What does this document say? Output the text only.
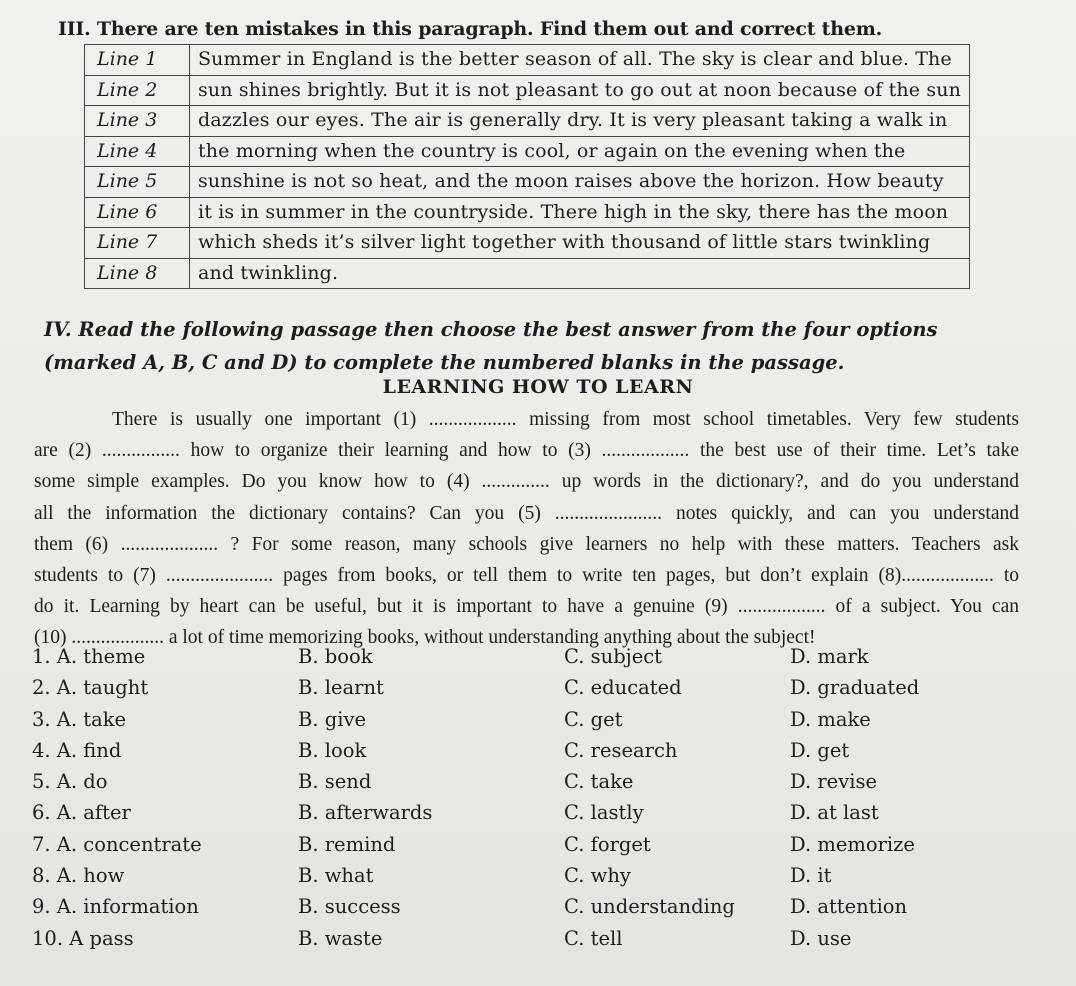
III. There are ten mistakes in this paragraph. Find them out and correct them.
Line 1	Summer in England is the better season of all. The sky is clear and blue. The
Line 2	sun shines brightly. But it is not pleasant to go out at noon because of the sun
Line 3	dazzles our eyes. The air is generally dry. It is very pleasant taking a walk in
Line 4	the morning when the country is cool, or again on the evening when the
Line 5	sunshine is not so heat, and the moon raises above the horizon. How beauty
Line 6	it is in summer in the countryside. There high in the sky, there has the moon
Line 7	which sheds it’s silver light together with thousand of little stars twinkling
Line 8	and twinkling.
IV. Read the following passage then choose the best answer from the four options (marked A, B, C and D) to complete the numbered blanks in the passage.
LEARNING HOW TO LEARN
There is usually one important (1) .................. missing from most school timetables. Very few students
are (2) ................ how to organize their learning and how to (3) .................. the best use of their time. Let’s take
some simple examples. Do you know how to (4) .............. up words in the dictionary?, and do you understand
all the information the dictionary contains? Can you (5) ...................... notes quickly, and can you understand
them (6) .................... ? For some reason, many schools give learners no help with these matters. Teachers ask
students to (7) ...................... pages from books, or tell them to write ten pages, but don’t explain (8)................... to
do it. Learning by heart can be useful, but it is important to have a genuine (9) .................. of a subject. You can
(10) ................... a lot of time memorizing books, without understanding anything about the subject!
1. A. theme	B. book	C. subject	D. mark
2. A. taught	B. learnt	C. educated	D. graduated
3. A. take	B. give	C. get	D. make
4. A. find	B. look	C. research	D. get
5. A. do	B. send	C. take	D. revise
6. A. after	B. afterwards	C. lastly	D. at last
7. A. concentrate	B. remind	C. forget	D. memorize
8. A. how	B. what	C. why	D. it
9. A. information	B. success	C. understanding	D. attention
10. A pass	B. waste	C. tell	D. use
